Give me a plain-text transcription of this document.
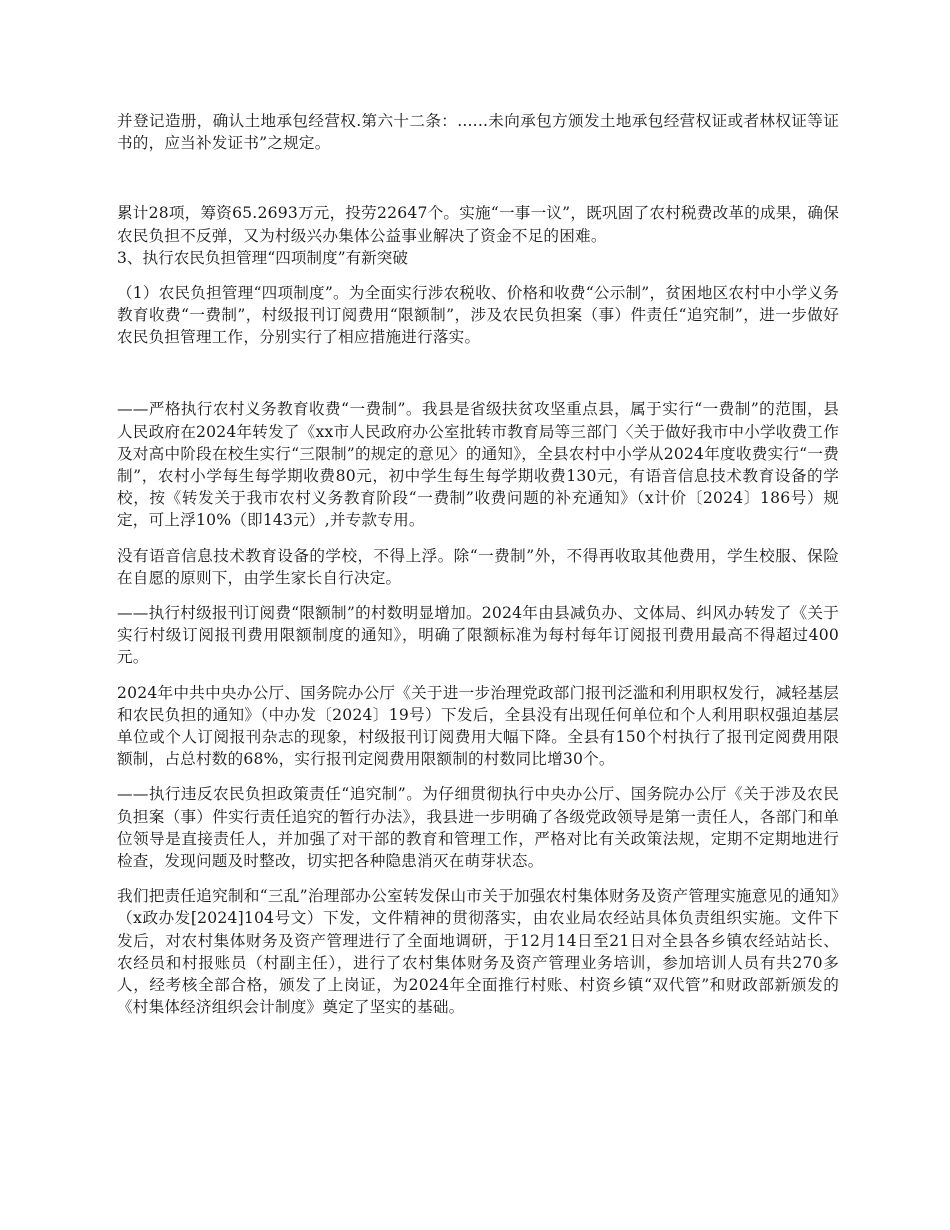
并登记造册，确认土地承包经营权.第六十二条：......未向承包方颁发土地承包经营权证或者林权证等证书的，应当补发证书”之规定。

累计28项，筹资65.2693万元，投劳22647个。实施“一事一议”，既巩固了农村税费改革的成果，确保农民负担不反弹，又为村级兴办集体公益事业解决了资金不足的困难。

3、执行农民负担管理“四项制度”有新突破

（1）农民负担管理“四项制度”。为全面实行涉农税收、价格和收费“公示制”，贫困地区农村中小学义务教育收费“一费制”，村级报刊订阅费用“限额制”，涉及农民负担案（事）件责任“追究制”，进一步做好农民负担管理工作，分别实行了相应措施进行落实。

——严格执行农村义务教育收费“一费制”。我县是省级扶贫攻坚重点县，属于实行“一费制”的范围，县人民政府在2024年转发了《xx市人民政府办公室批转市教育局等三部门〈关于做好我市中小学收费工作及对高中阶段在校生实行“三限制”的规定的意见〉的通知》，全县农村中小学从2024年度收费实行“一费制”，农村小学每生每学期收费80元，初中学生每生每学期收费130元，有语音信息技术教育设备的学校，按《转发关于我市农村义务教育阶段“一费制”收费问题的补充通知》（x计价〔2024〕186号）规定，可上浮10%（即143元）,并专款专用。

没有语音信息技术教育设备的学校，不得上浮。除“一费制”外，不得再收取其他费用，学生校服、保险在自愿的原则下，由学生家长自行决定。

——执行村级报刊订阅费“限额制”的村数明显增加。2024年由县减负办、文体局、纠风办转发了《关于实行村级订阅报刊费用限额制度的通知》，明确了限额标准为每村每年订阅报刊费用最高不得超过400元。

2024年中共中央办公厅、国务院办公厅《关于进一步治理党政部门报刊泛滥和利用职权发行，减轻基层和农民负担的通知》（中办发〔2024〕19号）下发后，全县没有出现任何单位和个人利用职权强迫基层单位或个人订阅报刊杂志的现象，村级报刊订阅费用大幅下降。全县有150个村执行了报刊定阅费用限额制，占总村数的68%，实行报刊定阅费用限额制的村数同比增30个。

——执行违反农民负担政策责任“追究制”。为仔细贯彻执行中央办公厅、国务院办公厅《关于涉及农民负担案（事）件实行责任追究的暂行办法》，我县进一步明确了各级党政领导是第一责任人，各部门和单位领导是直接责任人，并加强了对干部的教育和管理工作，严格对比有关政策法规，定期不定期地进行检查，发现问题及时整改，切实把各种隐患消灭在萌芽状态。

我们把责任追究制和“三乱”治理部办公室转发保山市关于加强农村集体财务及资产管理实施意见的通知》（x政办发[2024]104号文）下发，文件精神的贯彻落实，由农业局农经站具体负责组织实施。文件下发后，对农村集体财务及资产管理进行了全面地调研，于12月14日至21日对全县各乡镇农经站站长、农经员和村报账员（村副主任），进行了农村集体财务及资产管理业务培训，参加培训人员有共270多人，经考核全部合格，颁发了上岗证，为2024年全面推行村账、村资乡镇“双代管”和财政部新颁发的《村集体经济组织会计制度》奠定了坚实的基础。
